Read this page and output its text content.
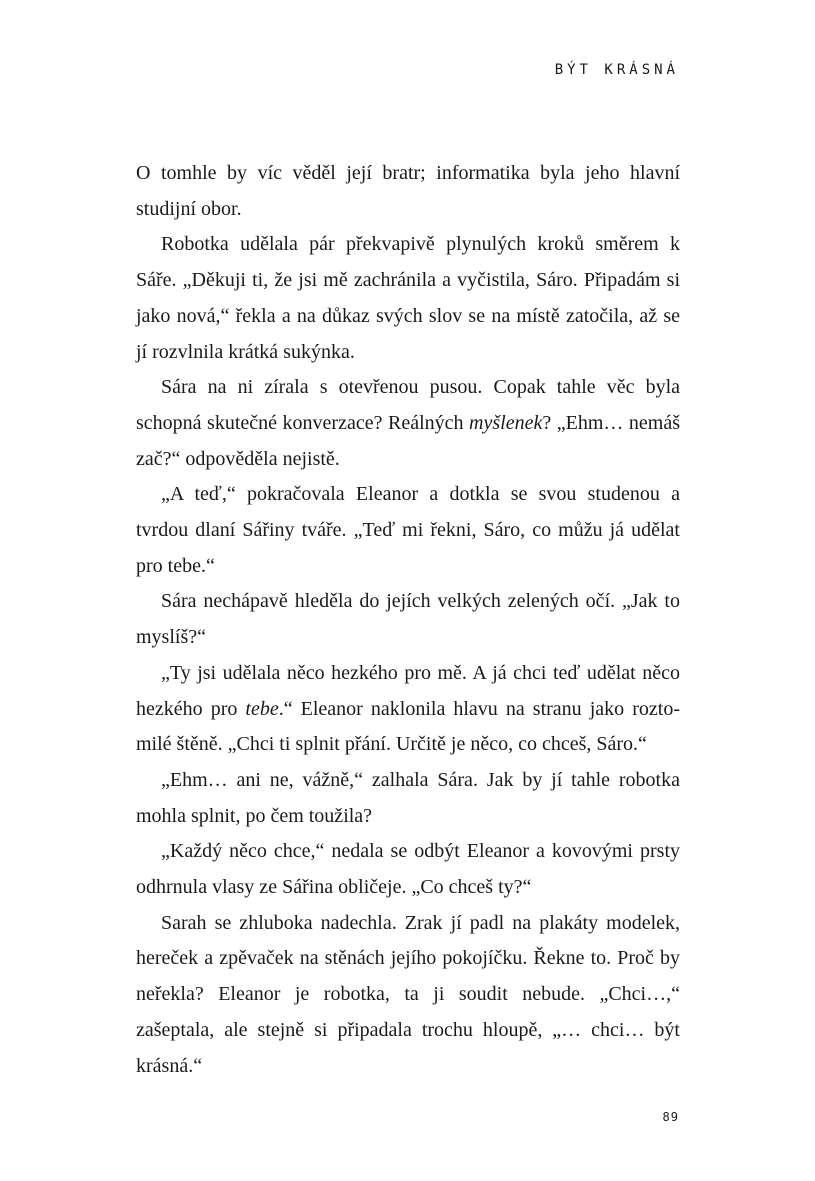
BÝT KRÁSNÁ

O tomhle by víc věděl její bratr; informatika byla jeho hlavní studijní obor.

Robotka udělala pár překvapivě plynulých kroků směrem k Sáře. „Děkuji ti, že jsi mě zachránila a vyčistila, Sáro. Připadám si jako nová,“ řekla a na důkaz svých slov se na místě zatočila, až se jí rozvlnila krátká sukýnka.

Sára na ni zírala s otevřenou pusou. Copak tahle věc byla schopná skutečné konverzace? Reálných myšlenek? „Ehm… nemáš zač?“ odpověděla nejistě.

„A teď,“ pokračovala Eleanor a dotkla se svou studenou a tvrdou dlaní Sářiny tváře. „Teď mi řekni, Sáro, co můžu já udělat pro tebe.“

Sára nechápavě hleděla do jejích velkých zelených očí. „Jak to myslíš?“

„Ty jsi udělala něco hezkého pro mě. A já chci teď udělat něco hezkého pro tebe.“ Eleanor naklonila hlavu na stranu jako roztomilé štěně. „Chci ti splnit přání. Určitě je něco, co chceš, Sáro.“

„Ehm… ani ne, vážně,“ zalhala Sára. Jak by jí tahle robotka mohla splnit, po čem toužila?

„Každý něco chce,“ nedala se odbýt Eleanor a kovovými prsty odhrnula vlasy ze Sářina obličeje. „Co chceš ty?“

Sarah se zhluboka nadechla. Zrak jí padl na plakáty modelek, hereček a zpěvaček na stěnách jejího pokojíčku. Řekne to. Proč by neřekla? Eleanor je robotka, ta ji soudit nebude. „Chci…,“ zašeptala, ale stejně si připadala trochu hloupě, „… chci… být krásná.“

89
